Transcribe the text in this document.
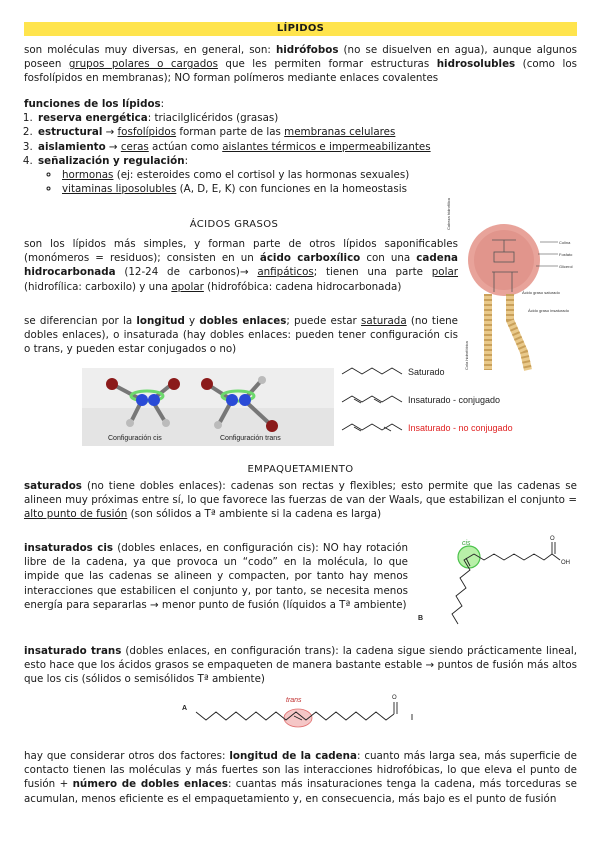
LÍPIDOS
son moléculas muy diversas, en general, son: hidrófobos (no se disuelven en agua), aunque algunos poseen grupos polares o cargados que les permiten formar estructuras hidrosolubles (como los fosfolípidos en membranas); NO forman polímeros mediante enlaces covalentes
funciones de los lípidos:
1. reserva energética: triacilglicéridos (grasas)
2. estructural → fosfolípidos forman parte de las membranas celulares
3. aislamiento → ceras actúan como aislantes térmicos e impermeabilizantes
4. señalización y regulación:
◦ hormonas (ej: esteroides como el cortisol y las hormonas sexuales)
◦ vitaminas liposolubles (A, D, E, K) con funciones en la homeostasis
ÁCIDOS GRASOS
son los lípidos más simples, y forman parte de otros lípidos saponificables (monómeros = residuos); consisten en un ácido carboxílico con una cadena hidrocarbonada (12-24 de carbonos)→ anfipáticos; tienen una parte polar (hidrofílica: carboxilo) y una apolar (hidrofóbica: cadena hidrocarbonada)
se diferencian por la longitud y dobles enlaces; puede estar saturada (no tiene dobles enlaces), o insaturada (hay dobles enlaces: pueden tener configuración cis o trans, y pueden estar conjugados o no)
Cabeza hidrofílica
Colina
Fosfato
Glicerol
Cola hidrofóbica
Ácido graso saturado
Ácido graso insaturado
Configuración cis	Configuración trans
Saturado
Insaturado - conjugado
Insaturado - no conjugado
EMPAQUETAMIENTO
saturados (no tiene dobles enlaces): cadenas son rectas y flexibles; esto permite que las cadenas se alineen muy próximas entre sí, lo que favorece las fuerzas de van der Waals, que estabilizan el conjunto = alto punto de fusión (son sólidos a Tª ambiente si la cadena es larga)
insaturados cis (dobles enlaces, en configuración cis): NO hay rotación libre de la cadena, ya que provoca un “codo” en la molécula, lo que impide que las cadenas se alineen y compacten, por tanto hay menos interacciones que estabilicen el conjunto y, por tanto, se necesita menos energía para separarlas → menor punto de fusión (líquidos a Tª ambiente)
cis
O
OH
B
insaturado trans (dobles enlaces, en configuración trans): la cadena sigue siendo prácticamente lineal, esto hace que los ácidos grasos se empaqueten de manera bastante estable → puntos de fusión más altos que los cis (sólidos o semisólidos Tª ambiente)
A
trans	O
hay que considerar otros dos factores: longitud de la cadena: cuanto más larga sea, más superficie de contacto tienen las moléculas y más fuertes son las interacciones hidrofóbicas, lo que eleva el punto de fusión + número de dobles enlaces: cuantas más insaturaciones tenga la cadena, más torceduras se acumulan, menos eficiente es el empaquetamiento y, en consecuencia, más bajo es el punto de fusión
